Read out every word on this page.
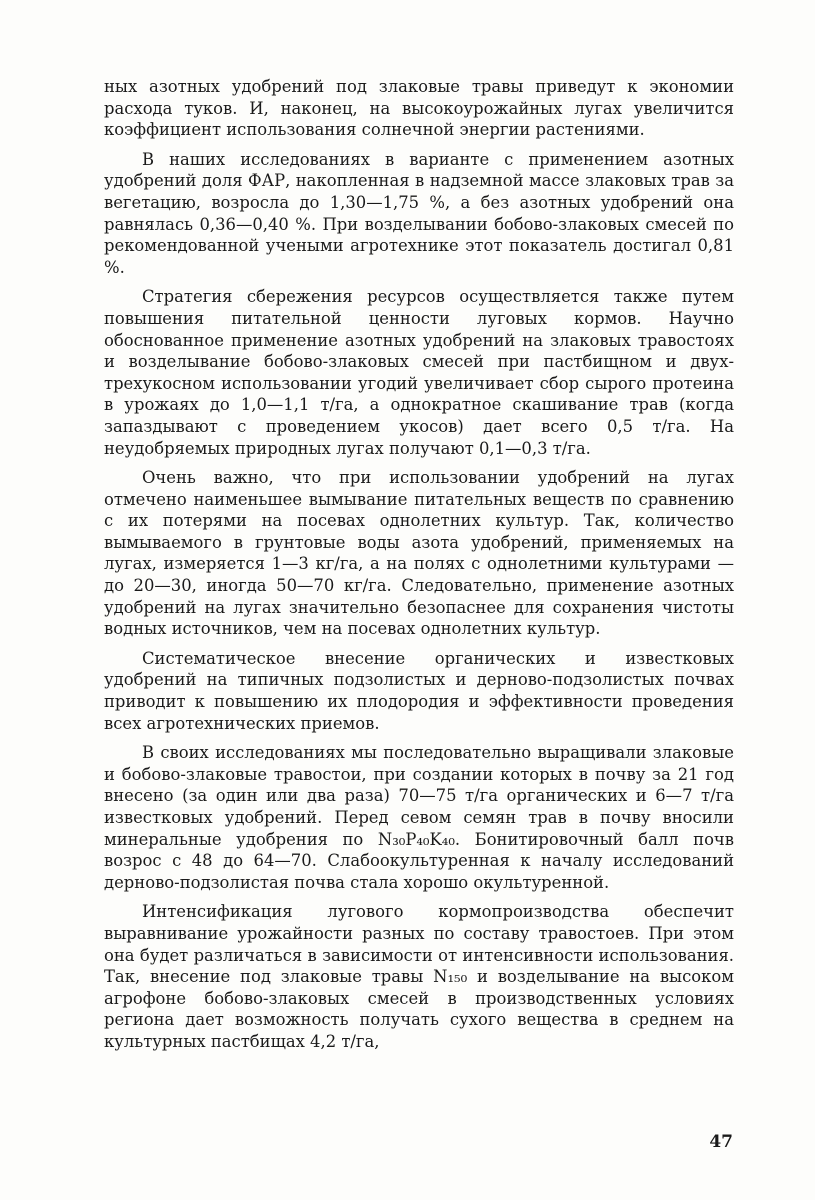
ных азотных удобрений под злаковые травы приведут к экономии расхода туков. И, наконец, на высокоурожайных лугах увеличится коэффициент использования солнечной энергии растениями.

В наших исследованиях в варианте с применением азотных удобрений доля ФАР, накопленная в надземной массе злаковых трав за вегетацию, возросла до 1,30—1,75 %, а без азотных удобрений она равнялась 0,36—0,40 %. При возделывании бобово-злаковых смесей по рекомендованной учеными агротехнике этот показатель достигал 0,81 %.

Стратегия сбережения ресурсов осуществляется также путем повышения питательной ценности луговых кормов. Научно обоснованное применение азотных удобрений на злаковых травостоях и возделывание бобово-злаковых смесей при пастбищном и двух-трехукосном использовании угодий увеличивает сбор сырого протеина в урожаях до 1,0—1,1 т/га, а однократное скашивание трав (когда запаздывают с проведением укосов) дает всего 0,5 т/га. На неудобряемых природных лугах получают 0,1—0,3 т/га.

Очень важно, что при использовании удобрений на лугах отмечено наименьшее вымывание питательных веществ по сравнению с их потерями на посевах однолетних культур. Так, количество вымываемого в грунтовые воды азота удобрений, применяемых на лугах, измеряется 1—3 кг/га, а на полях с однолетними культурами — до 20—30, иногда 50—70 кг/га. Следовательно, применение азотных удобрений на лугах значительно безопаснее для сохранения чистоты водных источников, чем на посевах однолетних культур.

Систематическое внесение органических и известковых удобрений на типичных подзолистых и дерново-подзолистых почвах приводит к повышению их плодородия и эффективности проведения всех агротехнических приемов.

В своих исследованиях мы последовательно выращивали злаковые и бобово-злаковые травостои, при создании которых в почву за 21 год внесено (за один или два раза) 70—75 т/га органических и 6—7 т/га известковых удобрений. Перед севом семян трав в почву вносили минеральные удобрения по N₃₀P₄₀K₄₀. Бонитировочный балл почв возрос с 48 до 64—70. Слабоокультуренная к началу исследований дерново-подзолистая почва стала хорошо окультуренной.

Интенсификация лугового кормопроизводства обеспечит выравнивание урожайности разных по составу травостоев. При этом она будет различаться в зависимости от интенсивности использования. Так, внесение под злаковые травы N₁₅₀ и возделывание на высоком агрофоне бобово-злаковых смесей в производственных условиях региона дает возможность получать сухого вещества в среднем на культурных пастбищах 4,2 т/га,

47
